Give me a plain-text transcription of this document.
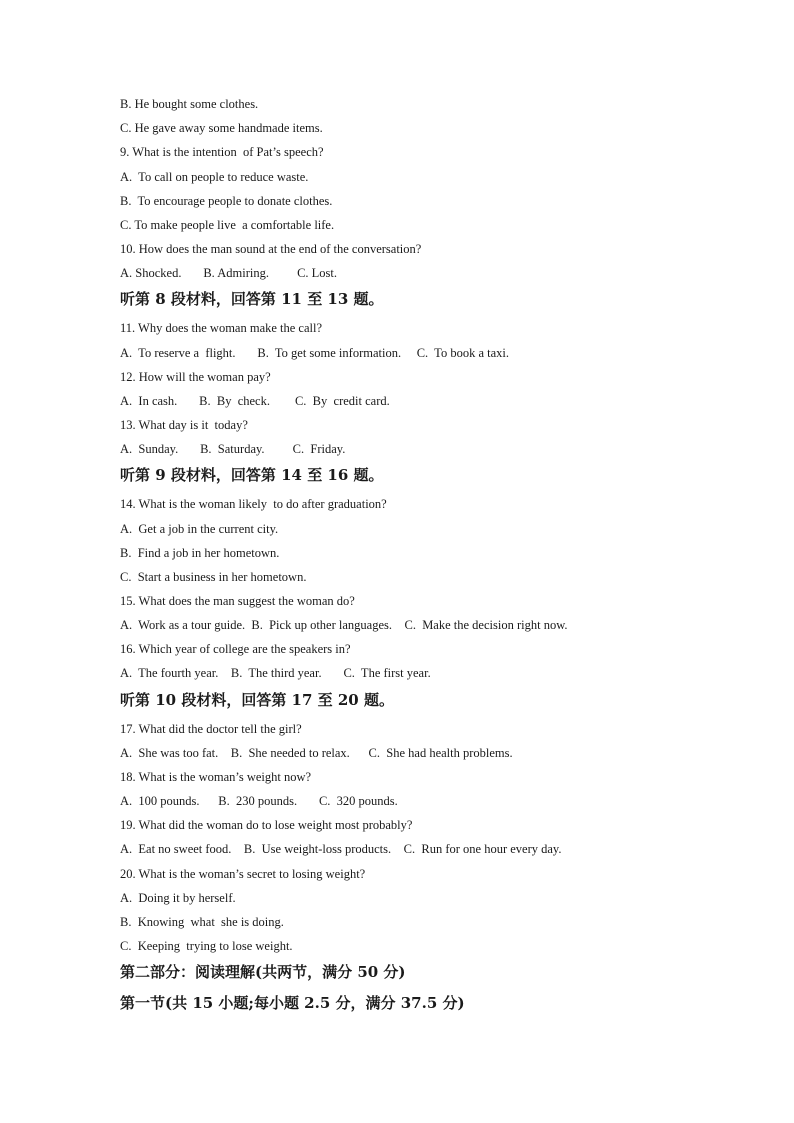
B. He bought some clothes.
C. He gave away some handmade items.
9. What is the intention  of Pat’s speech?
A.  To call on people to reduce waste.
B.  To encourage people to donate clothes.
C. To make people live  a comfortable life.
10. How does the man sound at the end of the conversation?
A. Shocked.       B. Admiring.         C. Lost.
听第 8 段材料，回答第 11 至 13 题。
11. Why does the woman make the call?
A.  To reserve a  flight.       B.  To get some information.     C.  To book a taxi.
12. How will the woman pay?
A.  In cash.       B.  By  check.        C.  By  credit card.
13. What day is it  today?
A.  Sunday.       B.  Saturday.         C.  Friday.
听第 9 段材料，回答第 14 至 16 题。
14. What is the woman likely  to do after graduation?
A.  Get a job in the current city.
B.  Find a job in her hometown.
C.  Start a business in her hometown.
15. What does the man suggest the woman do?
A.  Work as a tour guide.  B.  Pick up other languages.    C.  Make the decision right now.
16. Which year of college are the speakers in?
A.  The fourth year.    B.  The third year.       C.  The first year.
听第 10 段材料，回答第 17 至 20 题。
17. What did the doctor tell the girl?
A.  She was too fat.    B.  She needed to relax.      C.  She had health problems.
18. What is the woman’s weight now?
A.  100 pounds.      B.  230 pounds.       C.  320 pounds.
19. What did the woman do to lose weight most probably?
A.  Eat no sweet food.    B.  Use weight-loss products.    C.  Run for one hour every day.
20. What is the woman’s secret to losing weight?
A.  Doing it by herself.
B.  Knowing  what  she is doing.
C.  Keeping  trying to lose weight.
第二部分：阅读理解(共两节，满分 50 分)
第一节(共 15 小题;每小题 2.5 分，满分 37.5 分)
